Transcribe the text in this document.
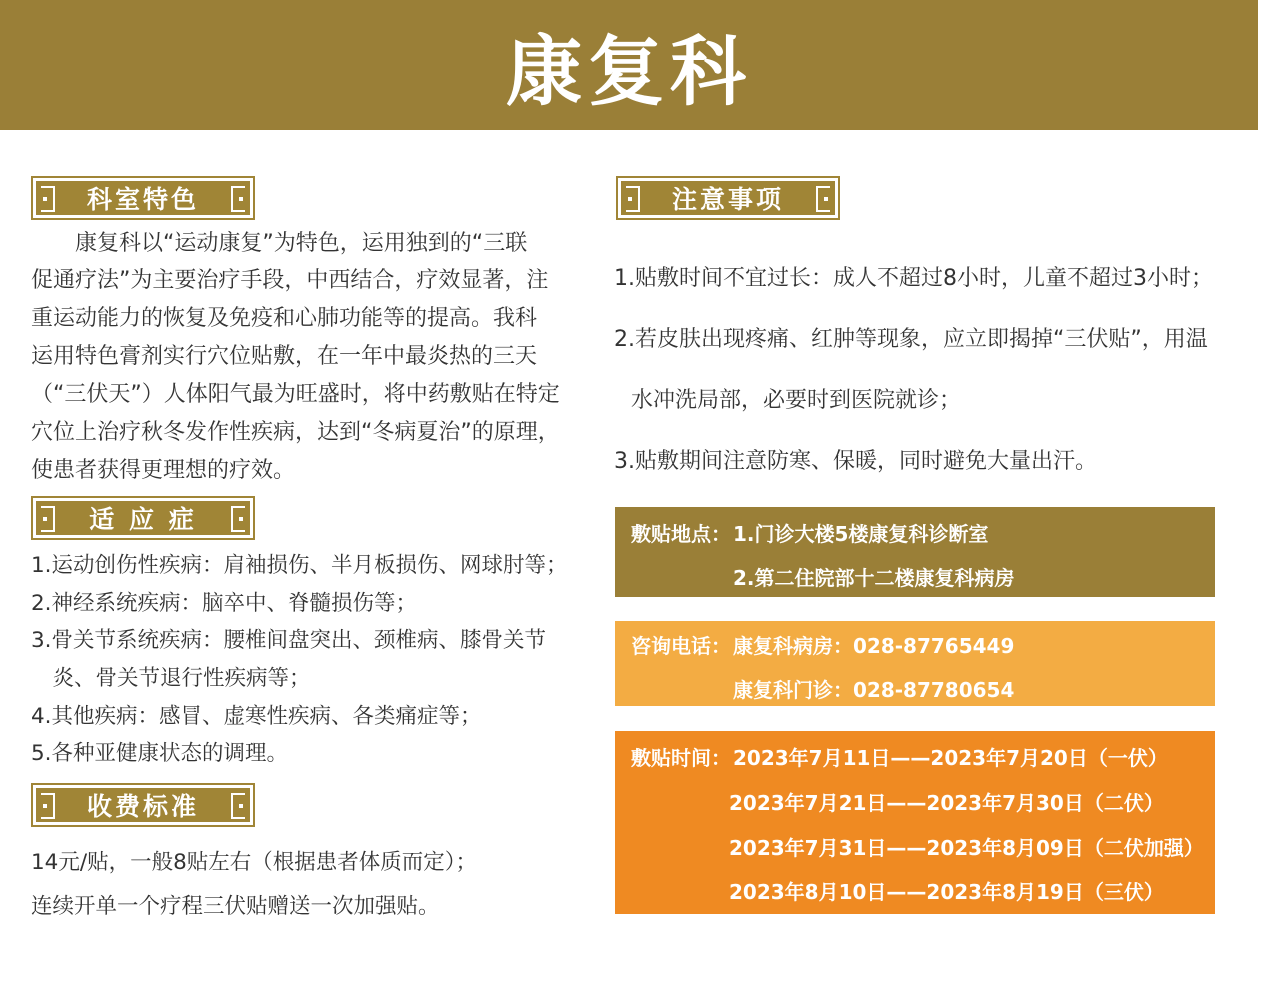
康复科
科室特色
　　康复科以“运动康复”为特色，运用独到的“三联
促通疗法”为主要治疗手段，中西结合，疗效显著，注
重运动能力的恢复及免疫和心肺功能等的提高。我科
运用特色膏剂实行穴位贴敷，在一年中最炎热的三天
（“三伏天”）人体阳气最为旺盛时，将中药敷贴在特定
穴位上治疗秋冬发作性疾病，达到“冬病夏治”的原理，
使患者获得更理想的疗效。
适 应 症
1.运动创伤性疾病：肩袖损伤、半月板损伤、网球肘等；
2.神经系统疾病：脑卒中、脊髓损伤等；
3.骨关节系统疾病：腰椎间盘突出、颈椎病、膝骨关节
　炎、骨关节退行性疾病等；
4.其他疾病：感冒、虚寒性疾病、各类痛症等；
5.各种亚健康状态的调理。
收费标准
14元/贴，一般8贴左右（根据患者体质而定）；
连续开单一个疗程三伏贴赠送一次加强贴。
注意事项
1.贴敷时间不宜过长：成人不超过8小时，儿童不超过3小时；
2.若皮肤出现疼痛、红肿等现象，应立即揭掉“三伏贴”，用温
水冲洗局部，必要时到医院就诊；
3.贴敷期间注意防寒、保暖，同时避免大量出汗。
敷贴地点： 1.门诊大楼5楼康复科诊断室
2.第二住院部十二楼康复科病房
咨询电话： 康复科病房：028-87765449
康复科门诊：028-87780654
敷贴时间： 2023年7月11日——2023年7月20日（一伏）
2023年7月21日——2023年7月30日（二伏）
2023年7月31日——2023年8月09日（二伏加强）
2023年8月10日——2023年8月19日（三伏）
